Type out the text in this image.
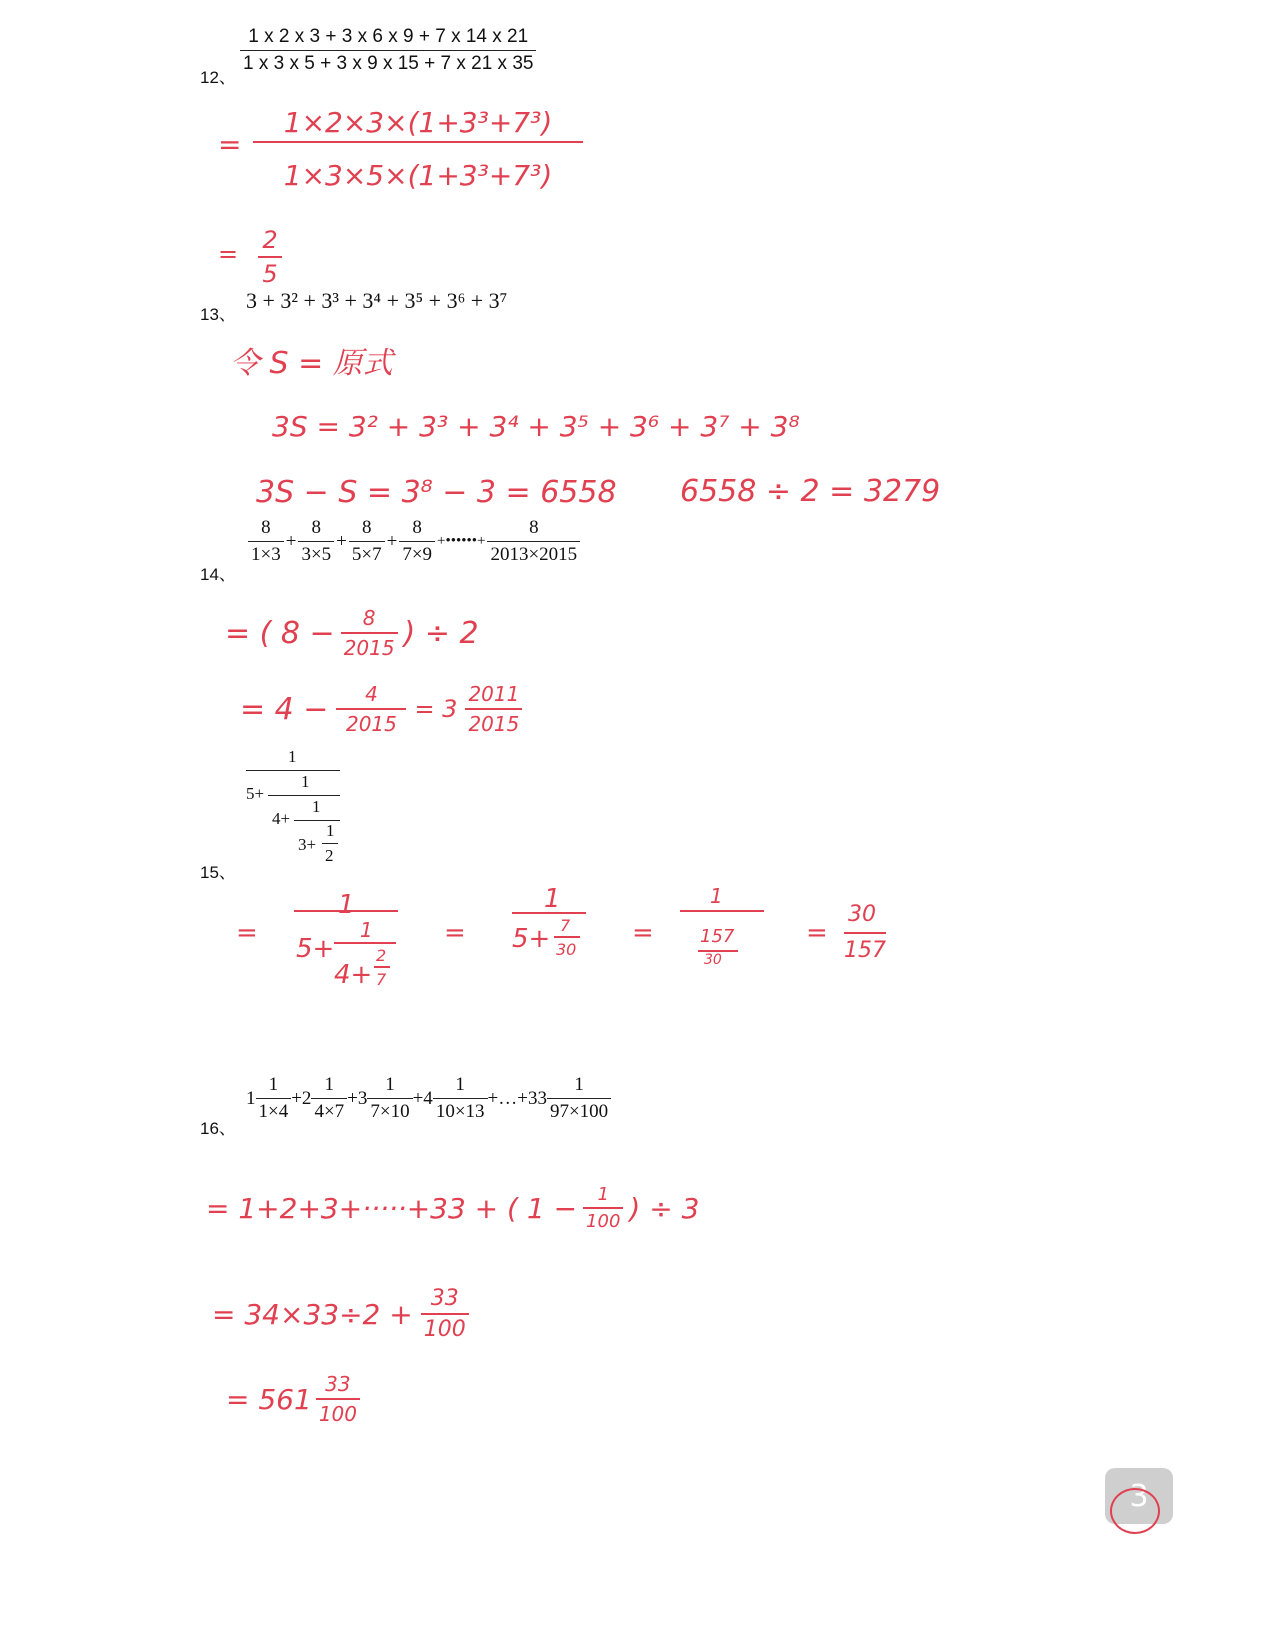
12、
1 x 2 x 3 + 3 x 6 x 9 + 7 x 14 x 21
1 x 3 x 5 + 3 x 9 x 15 + 7 x 21 x 35
=
1×2×3×(1+3³+7³)
1×3×5×(1+3³+7³)
= 2
5
13、
3 + 3² + 3³ + 3⁴ + 3⁵ + 3⁶ + 3⁷
令 S = 原式
3S = 3² + 3³ + 3⁴ + 3⁵ + 3⁶ + 3⁷ + 3⁸
3S − S = 3⁸ − 3 = 6558 6558 ÷ 2 = 3279
14、
$\frac{8}{1\times 3} + \frac{8}{3\times 5} + \frac{8}{5\times 7} + \frac{8}{7\times 9}$ +••••••+ $\frac{8}{2013\times 2015}$
= ( $8 - \frac{8}{2015}$ ) ÷ 2
= $4 - \frac{4}{2015} = 3 \frac{2011}{2015}$
15、
1
5+
1
4+
1
3+
1
2
=
1
5+
1
4+
2
7
=
1
5+ 7
30
=
1
157
30
=
30
157
16、
$1 \frac{1}{1\times 4} +2 \frac{1}{4\times 7} +3 \frac{1}{7\times 10} +4 \frac{1}{10\times 13}$ +…+33 $\frac{1}{97\times 100}$
= 1+2+3+·····+33 + ( $1 - \frac{1}{100}$ ) ÷ 3
= $34\times 33\div 2 + \frac{33}{100}$
= $561 \frac{33}{100}$
3
